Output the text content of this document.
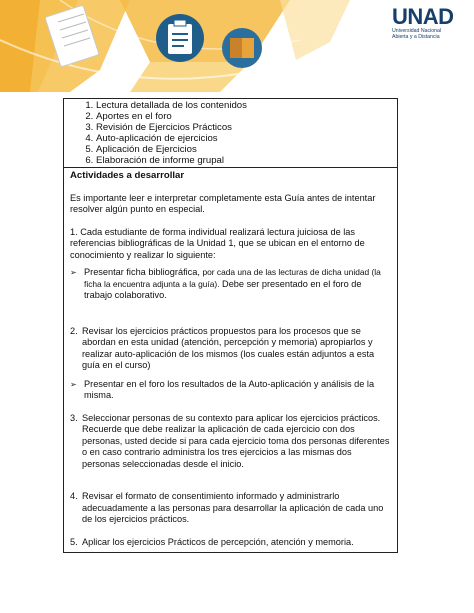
UNAD
Universidad Nacional
Abierta y a Distancia
1. Lectura detallada de los contenidos
2. Aportes en el foro
3. Revisión de Ejercicios Prácticos
4. Auto-aplicación de ejercicios
5. Aplicación de Ejercicios
6. Elaboración de informe grupal
Actividades a desarrollar

Es importante leer e interpretar completamente esta Guía antes de intentar resolver algún punto en especial.

1. Cada estudiante de forma individual realizará lectura juiciosa de las referencias bibliográficas de la Unidad 1, que se ubican en el entorno de conocimiento y realizar lo siguiente:

➢ Presentar ficha bibliográfica, por cada una de las lecturas de dicha unidad (la ficha la encuentra adjunta a la guía). Debe ser presentado en el foro de trabajo colaborativo.

2. Revisar los ejercicios prácticos propuestos para los procesos que se abordan en esta unidad (atención, percepción y memoria) apropiarlos y realizar auto-aplicación de los mismos (los cuales están adjuntos a esta guía en el curso)

➢ Presentar en el foro los resultados de la Auto-aplicación y análisis de la misma.

3. Seleccionar personas de su contexto para aplicar los ejercicios prácticos. Recuerde que debe realizar la aplicación de cada ejercicio con dos personas, usted decide si para cada ejercicio toma dos personas diferentes o en caso contrario administra los tres ejercicios a las mismas dos personas seleccionadas desde el inicio.

4. Revisar el formato de consentimiento informado y administrarlo adecuadamente a las personas para desarrollar la aplicación de cada uno de los ejercicios prácticos.

5. Aplicar los ejercicios Prácticos de percepción, atención y memoria.
